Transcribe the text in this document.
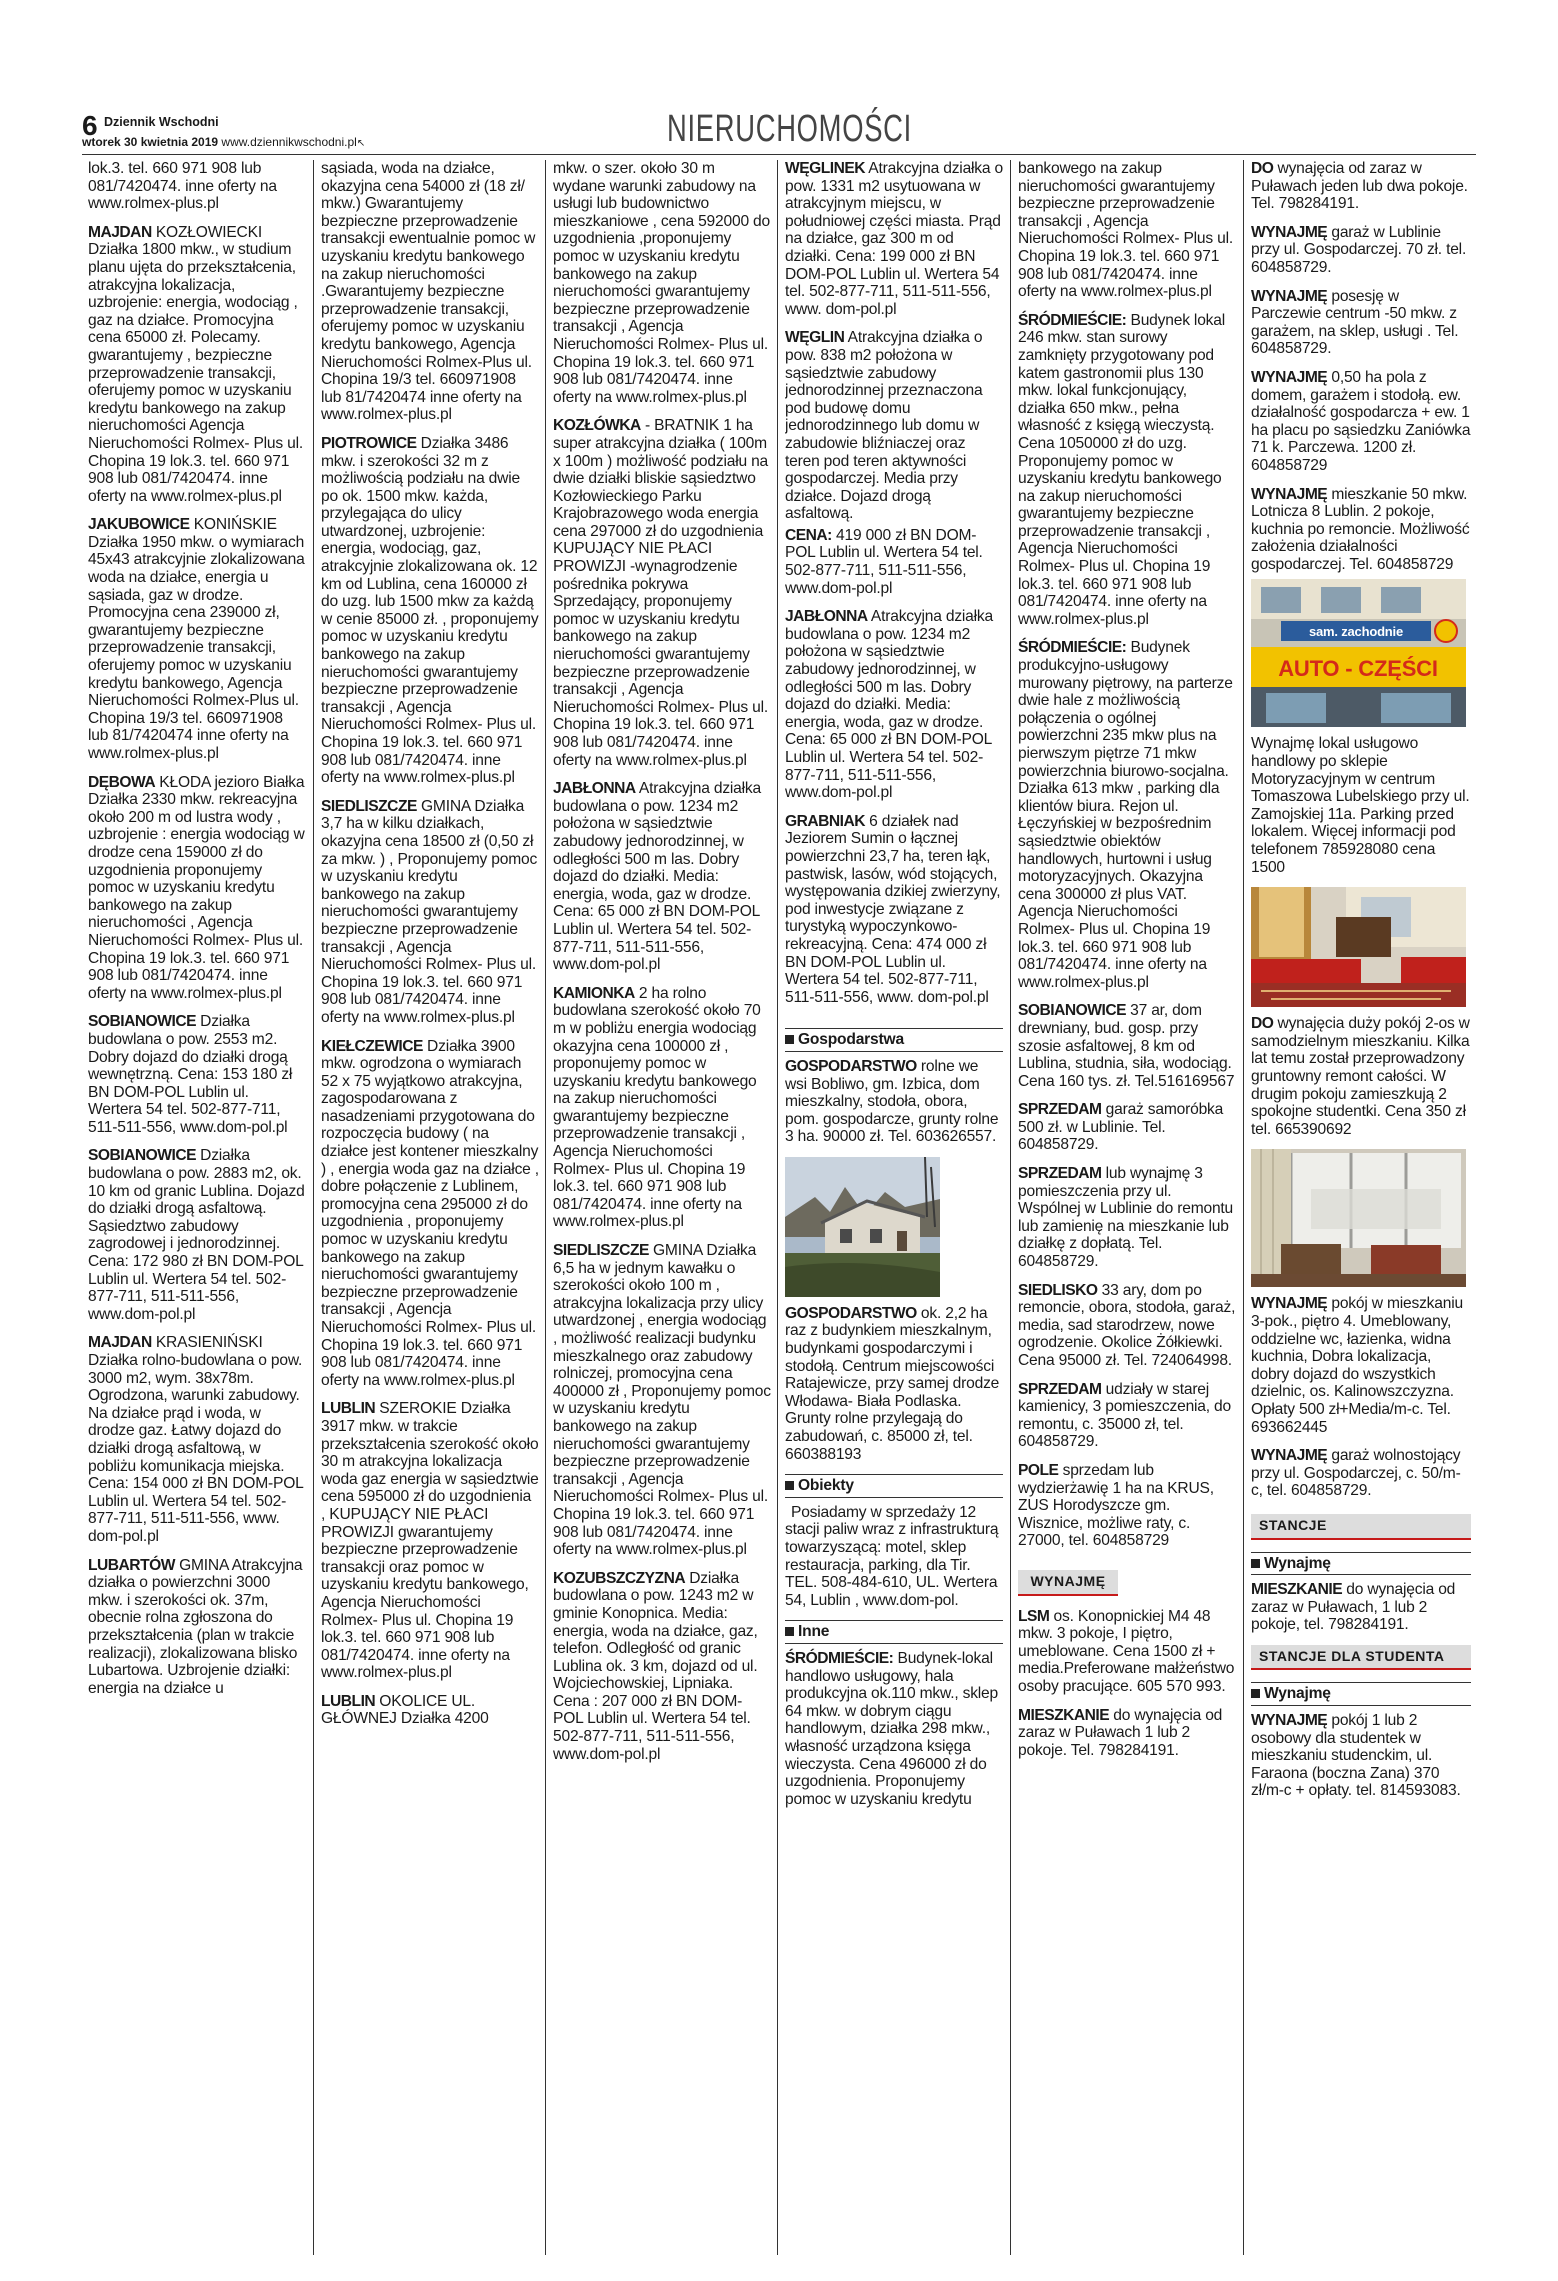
6 Dziennik Wschodni
wtorek 30 kwietnia 2019 www.dziennikwschodni.pl↖	NIERUCHOMOŚCI

lok.3. tel. 660 971 908 lub 081/7420474. inne oferty na www.rolmex-plus.pl

MAJDAN KOZŁOWIECKI Działka 1800 mkw., w studium planu ujęta do przekształcenia, atrakcyjna lokalizacja, uzbrojenie: energia, wodociąg , gaz na działce. Promocyjna cena 65000 zł. Polecamy. gwarantujemy , bezpieczne przeprowadzenie transakcji, oferujemy pomoc w uzyskaniu kredytu bankowego na zakup nieruchomości Agencja Nieruchomości Rolmex- Plus ul. Chopina 19 lok.3. tel. 660 971 908 lub 081/7420474. inne oferty na www.rolmex-plus.pl

JAKUBOWICE KONIŃSKIE Działka 1950 mkw. o wymiarach 45x43 atrakcyjnie zlokalizowana woda na działce, energia u sąsiada, gaz w drodze. Promocyjna cena 239000 zł, gwarantujemy bezpieczne przeprowadzenie transakcji, oferujemy pomoc w uzyskaniu kredytu bankowego, Agencja Nieruchomości Rolmex-Plus ul. Chopina 19/3 tel. 660971908 lub 81/7420474 inne oferty na www.rolmex-plus.pl

DĘBOWA KŁODA jezioro Białka Działka 2330 mkw. rekreacyjna około 200 m od lustra wody , uzbrojenie : energia wodociąg w drodze cena 159000 zł do uzgodnienia proponujemy pomoc w uzyskaniu kredytu bankowego na zakup nieruchomości , Agencja Nieruchomości Rolmex- Plus ul. Chopina 19 lok.3. tel. 660 971 908 lub 081/7420474. inne oferty na www.rolmex-plus.pl

SOBIANOWICE Działka budowlana o pow. 2553 m2. Dobry dojazd do działki drogą wewnętrzną. Cena: 153 180 zł BN DOM-POL Lublin ul. Wertera 54 tel. 502-877-711, 511-511-556, www.dom-pol.pl

SOBIANOWICE Działka budowlana o pow. 2883 m2, ok. 10 km od granic Lublina. Dojazd do działki drogą asfaltową. Sąsiedztwo zabudowy zagrodowej i jednorodzinnej. Cena: 172 980 zł BN DOM-POL Lublin ul. Wertera 54 tel. 502-877-711, 511-511-556, www.dom-pol.pl

MAJDAN KRASIENIŃSKI Działka rolno-budowlana o pow. 3000 m2, wym. 38x78m. Ogrodzona, warunki zabudowy. Na działce prąd i woda, w drodze gaz. Łatwy dojazd do działki drogą asfaltową, w pobliżu komunikacja miejska. Cena: 154 000 zł BN DOM-POL Lublin ul. Wertera 54 tel. 502-877-711, 511-511-556, www. dom-pol.pl

LUBARTÓW GMINA Atrakcyjna działka o powierzchni 3000 mkw. i szerokości ok. 37m, obecnie rolna zgłoszona do przekształcenia (plan w trakcie realizacji), zlokalizowana blisko Lubartowa. Uzbrojenie działki: energia na działce u

sąsiada, woda na działce, okazyjna cena 54000 zł (18 zł/ mkw.) Gwarantujemy bezpieczne przeprowadzenie transakcji ewentualnie pomoc w uzyskaniu kredytu bankowego na zakup nieruchomości .Gwarantujemy bezpieczne przeprowadzenie transakcji, oferujemy pomoc w uzyskaniu kredytu bankowego, Agencja Nieruchomości Rolmex-Plus ul. Chopina 19/3 tel. 660971908 lub 81/7420474 inne oferty na www.rolmex-plus.pl

PIOTROWICE Działka 3486 mkw. i szerokości 32 m z możliwością podziału na dwie po ok. 1500 mkw. każda, przylegająca do ulicy utwardzonej, uzbrojenie: energia, wodociąg, gaz, atrakcyjnie zlokalizowana ok. 12 km od Lublina, cena 160000 zł do uzg. lub 1500 mkw za każdą w cenie 85000 zł. , proponujemy pomoc w uzyskaniu kredytu bankowego na zakup nieruchomości gwarantujemy bezpieczne przeprowadzenie transakcji , Agencja Nieruchomości Rolmex- Plus ul. Chopina 19 lok.3. tel. 660 971 908 lub 081/7420474. inne oferty na www.rolmex-plus.pl

SIEDLISZCZE GMINA Działka 3,7 ha w kilku działkach, okazyjna cena 18500 zł (0,50 zł za mkw. ) , Proponujemy pomoc w uzyskaniu kredytu bankowego na zakup nieruchomości gwarantujemy bezpieczne przeprowadzenie transakcji , Agencja Nieruchomości Rolmex- Plus ul. Chopina 19 lok.3. tel. 660 971 908 lub 081/7420474. inne oferty na www.rolmex-plus.pl

KIEŁCZEWICE Działka 3900 mkw. ogrodzona o wymiarach 52 x 75 wyjątkowo atrakcyjna, zagospodarowana z nasadzeniami przygotowana do rozpoczęcia budowy ( na działce jest kontener mieszkalny ) , energia woda gaz na działce , dobre połączenie z Lublinem, promocyjna cena 295000 zł do uzgodnienia , proponujemy pomoc w uzyskaniu kredytu bankowego na zakup nieruchomości gwarantujemy bezpieczne przeprowadzenie transakcji , Agencja Nieruchomości Rolmex- Plus ul. Chopina 19 lok.3. tel. 660 971 908 lub 081/7420474. inne oferty na www.rolmex-plus.pl

LUBLIN SZEROKIE Działka 3917 mkw. w trakcie przekształcenia szerokość około 30 m atrakcyjna lokalizacja woda gaz energia w sąsiedztwie cena 595000 zł do uzgodnienia , KUPUJĄCY NIE PŁACI PROWIZJI gwarantujemy bezpieczne przeprowadzenie transakcji oraz pomoc w uzyskaniu kredytu bankowego, Agencja Nieruchomości Rolmex- Plus ul. Chopina 19 lok.3. tel. 660 971 908 lub 081/7420474. inne oferty na www.rolmex-plus.pl

LUBLIN OKOLICE UL. GŁÓWNEJ Działka 4200

mkw. o szer. około 30 m wydane warunki zabudowy na usługi lub budownictwo mieszkaniowe , cena 592000 do uzgodnienia ,proponujemy pomoc w uzyskaniu kredytu bankowego na zakup nieruchomości gwarantujemy bezpieczne przeprowadzenie transakcji , Agencja Nieruchomości Rolmex- Plus ul. Chopina 19 lok.3. tel. 660 971 908 lub 081/7420474. inne oferty na www.rolmex-plus.pl

KOZŁÓWKA - BRATNIK 1 ha super atrakcyjna działka ( 100m x 100m ) możliwość podziału na dwie działki bliskie sąsiedztwo Kozłowieckiego Parku Krajobrazowego woda energia cena 297000 zł do uzgodnienia KUPUJĄCY NIE PŁACI PROWIZJI -wynagrodzenie pośrednika pokrywa Sprzedający, proponujemy pomoc w uzyskaniu kredytu bankowego na zakup nieruchomości gwarantujemy bezpieczne przeprowadzenie transakcji , Agencja Nieruchomości Rolmex- Plus ul. Chopina 19 lok.3. tel. 660 971 908 lub 081/7420474. inne oferty na www.rolmex-plus.pl

JABŁONNA Atrakcyjna działka budowlana o pow. 1234 m2 położona w sąsiedztwie zabudowy jednorodzinnej, w odległości 500 m las. Dobry dojazd do działki. Media: energia, woda, gaz w drodze. Cena: 65 000 zł BN DOM-POL Lublin ul. Wertera 54 tel. 502-877-711, 511-511-556, www.dom-pol.pl

KAMIONKA 2 ha rolno budowlana szerokość około 70 m w pobliżu energia wodociąg okazyjna cena 100000 zł , proponujemy pomoc w uzyskaniu kredytu bankowego na zakup nieruchomości gwarantujemy bezpieczne przeprowadzenie transakcji , Agencja Nieruchomości Rolmex- Plus ul. Chopina 19 lok.3. tel. 660 971 908 lub 081/7420474. inne oferty na www.rolmex-plus.pl

SIEDLISZCZE GMINA Działka 6,5 ha w jednym kawałku o szerokości około 100 m , atrakcyjna lokalizacja przy ulicy utwardzonej , energia wodociąg , możliwość realizacji budynku mieszkalnego oraz zabudowy rolniczej, promocyjna cena 400000 zł , Proponujemy pomoc w uzyskaniu kredytu bankowego na zakup nieruchomości gwarantujemy bezpieczne przeprowadzenie transakcji , Agencja Nieruchomości Rolmex- Plus ul. Chopina 19 lok.3. tel. 660 971 908 lub 081/7420474. inne oferty na www.rolmex-plus.pl

KOZUBSZCZYZNA Działka budowlana o pow. 1243 m2 w gminie Konopnica. Media: energia, woda na działce, gaz, telefon. Odległość od granic Lublina ok. 3 km, dojazd od ul. Wojciechowskiej, Lipniaka. Cena : 207 000 zł BN DOM-POL Lublin ul. Wertera 54 tel. 502-877-711, 511-511-556, www.dom-pol.pl

WĘGLINEK Atrakcyjna działka o pow. 1331 m2 usytuowana w atrakcyjnym miejscu, w południowej części miasta. Prąd na działce, gaz 300 m od działki. Cena: 199 000 zł BN DOM-POL Lublin ul. Wertera 54 tel. 502-877-711, 511-511-556, www. dom-pol.pl

WĘGLIN Atrakcyjna działka o pow. 838 m2 położona w sąsiedztwie zabudowy jednorodzinnej przeznaczona pod budowę domu jednorodzinnego lub domu w zabudowie bliźniaczej oraz teren pod teren aktywności gospodarczej. Media przy działce. Dojazd drogą asfaltową.

CENA: 419 000 zł BN DOM-POL Lublin ul. Wertera 54 tel. 502-877-711, 511-511-556, www.dom-pol.pl

JABŁONNA Atrakcyjna działka budowlana o pow. 1234 m2 położona w sąsiedztwie zabudowy jednorodzinnej, w odległości 500 m las. Dobry dojazd do działki. Media: energia, woda, gaz w drodze. Cena: 65 000 zł BN DOM-POL Lublin ul. Wertera 54 tel. 502-877-711, 511-511-556, www.dom-pol.pl

GRABNIAK 6 działek nad Jeziorem Sumin o łącznej powierzchni 23,7 ha, teren łąk, pastwisk, lasów, wód stojących, występowania dzikiej zwierzyny, pod inwestycje związane z turystyką wypoczynkowo-rekreacyjną. Cena: 474 000 zł BN DOM-POL Lublin ul. Wertera 54 tel. 502-877-711, 511-511-556, www. dom-pol.pl

Gospodarstwa

GOSPODARSTWO rolne we wsi Bobliwo, gm. Izbica, dom mieszkalny, stodoła, obora, pom. gospodarcze, grunty rolne 3 ha. 90000 zł. Tel. 603626557.

GOSPODARSTWO ok. 2,2 ha raz z budynkiem mieszkalnym, budynkami gospodarczymi i stodołą. Centrum miejscowości Ratajewicze, przy samej drodze Włodawa- Biała Podlaska. Grunty rolne przylegają do zabudowań, c. 85000 zł, tel. 660388193

Obiekty

Posiadamy w sprzedaży 12 stacji paliw wraz z infrastrukturą towarzyszącą: motel, sklep restauracja, parking, dla Tir. TEL. 508-484-610, UL. Wertera 54, Lublin , www.dom-pol.

Inne

ŚRÓDMIEŚCIE: Budynek-lokal handlowo usługowy, hala produkcyjna ok.110 mkw., sklep 64 mkw. w dobrym ciągu handlowym, działka 298 mkw., własność urządzona księga wieczysta. Cena 496000 zł do uzgodnienia. Proponujemy pomoc w uzyskaniu kredytu

bankowego na zakup nieruchomości gwarantujemy bezpieczne przeprowadzenie transakcji , Agencja Nieruchomości Rolmex- Plus ul. Chopina 19 lok.3. tel. 660 971 908 lub 081/7420474. inne oferty na www.rolmex-plus.pl

ŚRÓDMIEŚCIE: Budynek lokal 246 mkw. stan surowy zamknięty przygotowany pod katem gastronomii plus 130 mkw. lokal funkcjonujący, działka 650 mkw., pełna własność z księgą wieczystą. Cena 1050000 zł do uzg. Proponujemy pomoc w uzyskaniu kredytu bankowego na zakup nieruchomości gwarantujemy bezpieczne przeprowadzenie transakcji , Agencja Nieruchomości Rolmex- Plus ul. Chopina 19 lok.3. tel. 660 971 908 lub 081/7420474. inne oferty na www.rolmex-plus.pl

ŚRÓDMIEŚCIE: Budynek produkcyjno-usługowy murowany piętrowy, na parterze dwie hale z możliwością połączenia o ogólnej powierzchni 235 mkw plus na pierwszym piętrze 71 mkw powierzchnia biurowo-socjalna. Działka 613 mkw , parking dla klientów biura. Rejon ul. Łęczyńskiej w bezpośrednim sąsiedztwie obiektów handlowych, hurtowni i usług motoryzacyjnych. Okazyjna cena 300000 zł plus VAT. Agencja Nieruchomości Rolmex- Plus ul. Chopina 19 lok.3. tel. 660 971 908 lub 081/7420474. inne oferty na www.rolmex-plus.pl

SOBIANOWICE 37 ar, dom drewniany, bud. gosp. przy szosie asfaltowej, 8 km od Lublina, studnia, siła, wodociąg. Cena 160 tys. zł. Tel.516169567

SPRZEDAM garaż samoróbka 500 zł. w Lublinie. Tel. 604858729.

SPRZEDAM lub wynajmę 3 pomieszczenia przy ul. Wspólnej w Lublinie do remontu lub zamienię na mieszkanie lub działkę z dopłatą. Tel. 604858729.

SIEDLISKO 33 ary, dom po remoncie, obora, stodoła, garaż, media, sad starodrzew, nowe ogrodzenie. Okolice Żółkiewki. Cena 95000 zł. Tel. 724064998.

SPRZEDAM udziały w starej kamienicy, 3 pomieszczenia, do remontu, c. 35000 zł, tel. 604858729.

POLE sprzedam lub wydzierżawię 1 ha na KRUS, ZUS Horodyszcze gm. Wisznice, możliwe raty, c. 27000, tel. 604858729

WYNAJMĘ

LSM os. Konopnickiej M4 48 mkw. 3 pokoje, I piętro, umeblowane. Cena 1500 zł + media.Preferowane małżeństwo osoby pracujące. 605 570 993.

MIESZKANIE do wynajęcia od zaraz w Puławach 1 lub 2 pokoje. Tel. 798284191.

DO wynajęcia od zaraz w Puławach jeden lub dwa pokoje. Tel. 798284191.

WYNAJMĘ garaż w Lublinie przy ul. Gospodarczej. 70 zł. tel. 604858729.

WYNAJMĘ posesję w Parczewie centrum -50 mkw. z garażem, na sklep, usługi . Tel. 604858729.

WYNAJMĘ 0,50 ha pola z domem, garażem i stodołą. ew. działalność gospodarcza + ew. 1 ha placu po sąsiedzku Zaniówka 71 k. Parczewa. 1200 zł. 604858729

WYNAJMĘ mieszkanie 50 mkw. Lotnicza 8 Lublin. 2 pokoje, kuchnia po remoncie. Możliwość założenia działalności gospodarczej. Tel. 604858729

sam. zachodnie
AUTO - CZĘŚCI

Wynajmę lokal usługowo handlowy po sklepie Motoryzacyjnym w centrum Tomaszowa Lubelskiego przy ul. Zamojskiej 11a. Parking przed lokalem. Więcej informacji pod telefonem 785928080 cena 1500

DO wynajęcia duży pokój 2-os w samodzielnym mieszkaniu. Kilka lat temu został przeprowadzony gruntowny remont całości. W drugim pokoju zamieszkują 2 spokojne studentki. Cena 350 zł tel. 665390692

WYNAJMĘ pokój w mieszkaniu 3-pok., piętro 4. Umeblowany, oddzielne wc, łazienka, widna kuchnia, Dobra lokalizacja, dobry dojazd do wszystkich dzielnic, os. Kalinowszczyzna. Opłaty 500 zł+Media/m-c. Tel. 693662445

WYNAJMĘ garaż wolnostojący przy ul. Gospodarczej, c. 50/m-c, tel. 604858729.

STANCJE
Wynajmę

MIESZKANIE do wynajęcia od zaraz w Puławach, 1 lub 2 pokoje, tel. 798284191.

STANCJE DLA STUDENTA
Wynajmę

WYNAJMĘ pokój 1 lub 2 osobowy dla studentek w mieszkaniu studenckim, ul. Faraona (boczna Zana) 370 zł/m-c + opłaty. tel. 814593083.
